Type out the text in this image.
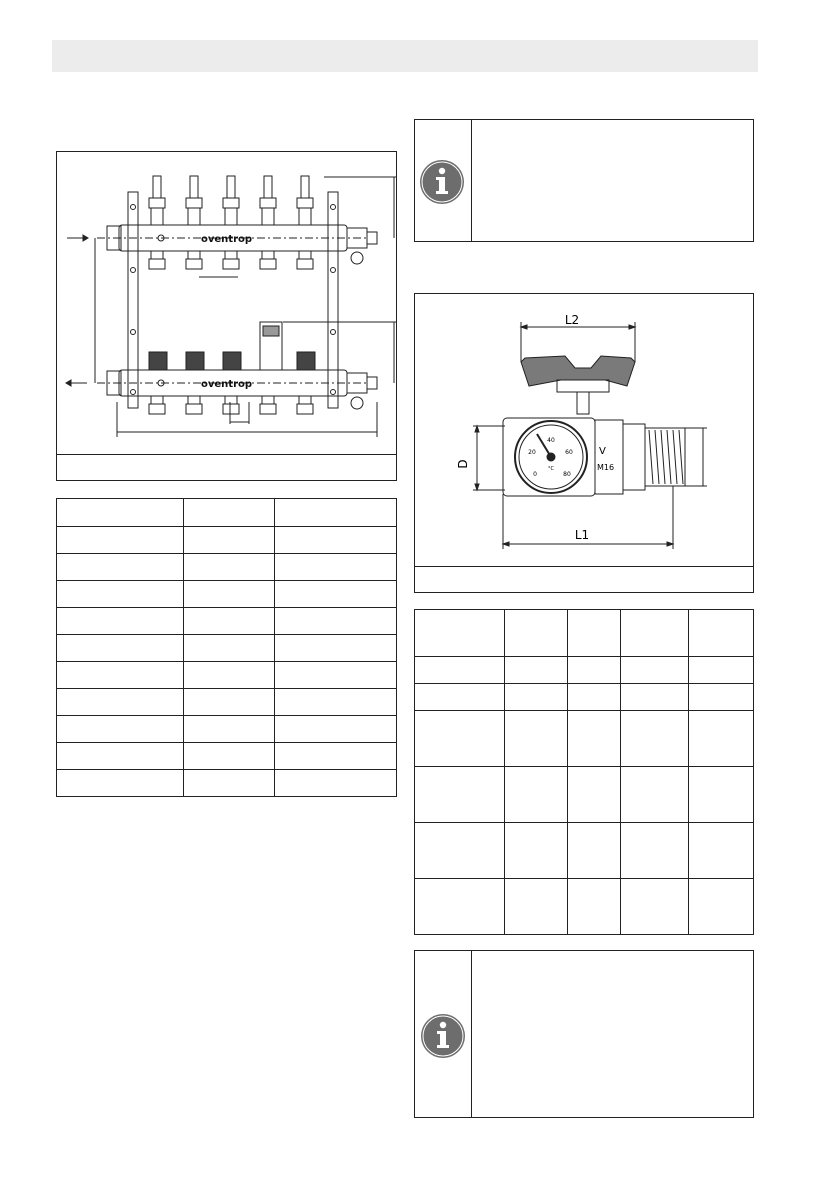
oventrop
oventrop

L2
L1
D
0
20
40
60
80
°C
V
M16
